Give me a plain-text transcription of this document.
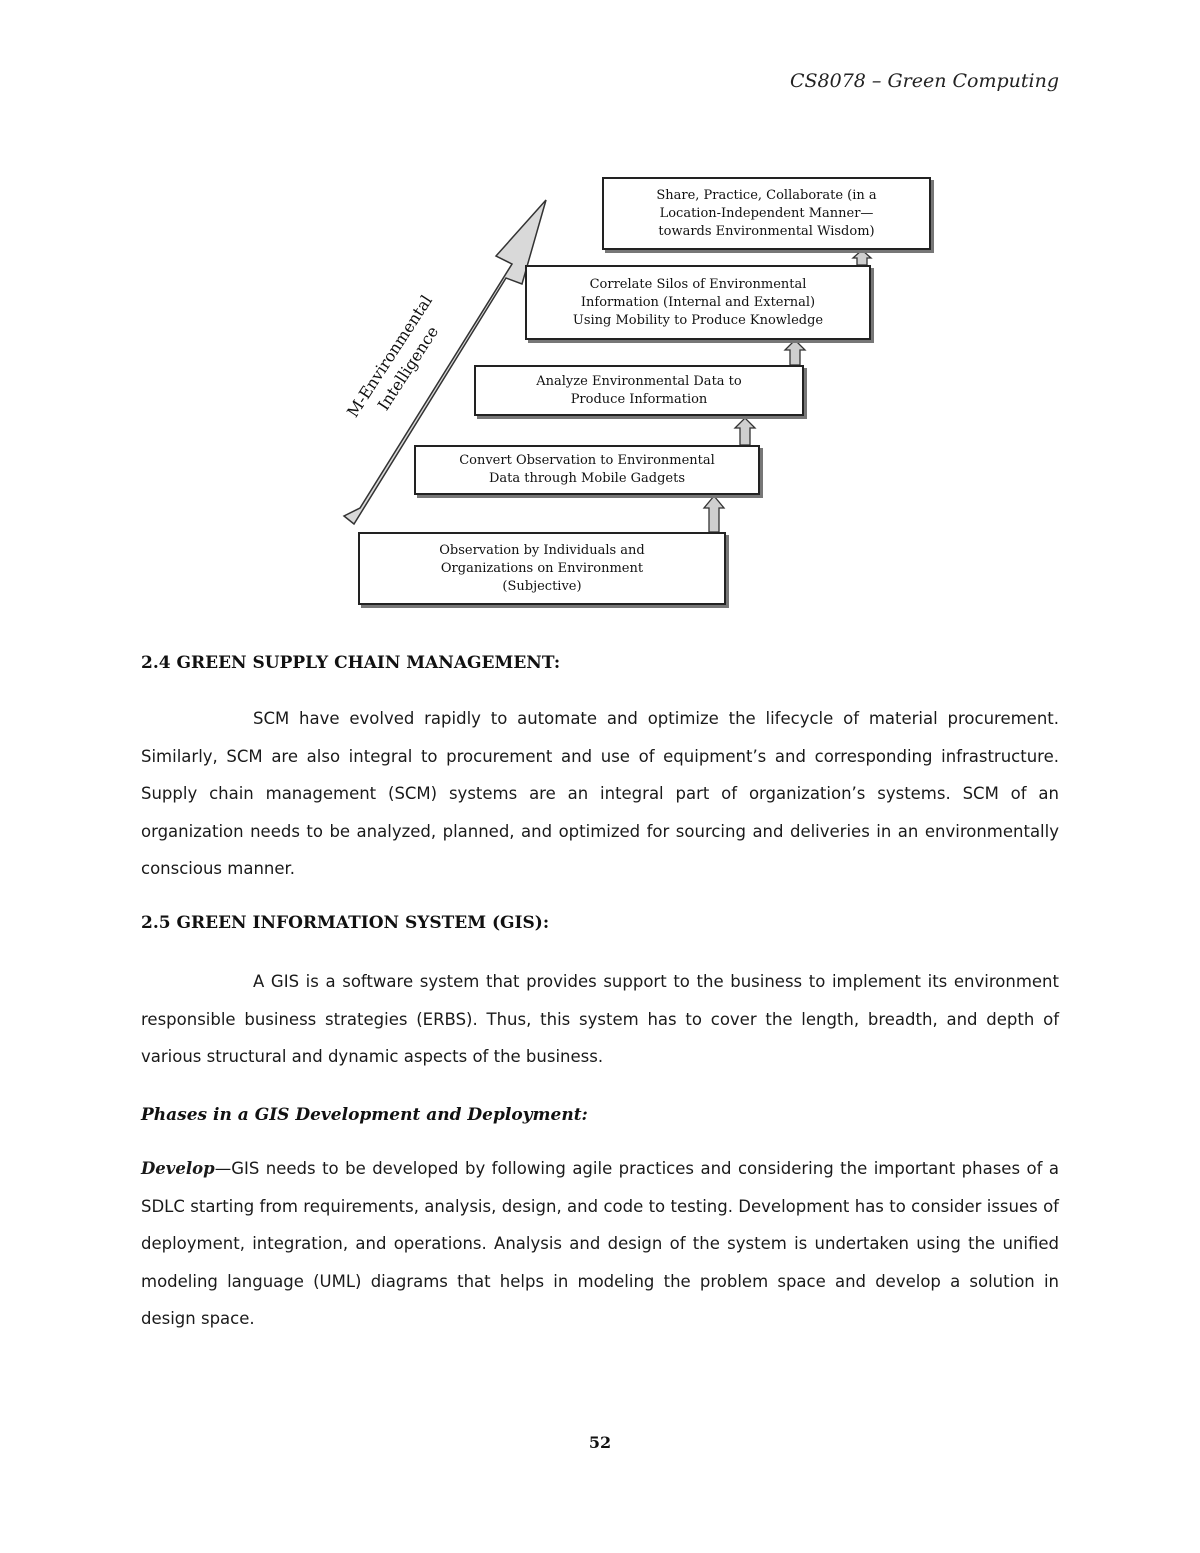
CS8078 – Green Computing
M-Environmental
Intelligence
Observation by Individuals and
Organizations on Environment
(Subjective)
Convert Observation to Environmental
Data through Mobile Gadgets
Analyze Environmental Data to
Produce Information
Correlate Silos of Environmental
Information (Internal and External)
Using Mobility to Produce Knowledge
Share, Practice, Collaborate (in a
Location-Independent Manner—
towards Environmental Wisdom)
2.4 GREEN SUPPLY CHAIN MANAGEMENT:

SCM have evolved rapidly to automate and optimize the lifecycle of material procurement. Similarly, SCM are also integral to procurement and use of equipment’s and corresponding infrastructure. Supply chain management (SCM) systems are an integral part of organization’s systems. SCM of an organization needs to be analyzed, planned, and optimized for sourcing and deliveries in an environmentally conscious manner.

2.5 GREEN INFORMATION SYSTEM (GIS):

A GIS is a software system that provides support to the business to implement its environment responsible business strategies (ERBS). Thus, this system has to cover the length, breadth, and depth of various structural and dynamic aspects of the business.

Phases in a GIS Development and Deployment:

Develop—GIS needs to be developed by following agile practices and considering the important phases of a SDLC starting from requirements, analysis, design, and code to testing. Development has to consider issues of deployment, integration, and operations. Analysis and design of the system is undertaken using the unified modeling language (UML) diagrams that helps in modeling the problem space and develop a solution in design space.

52
